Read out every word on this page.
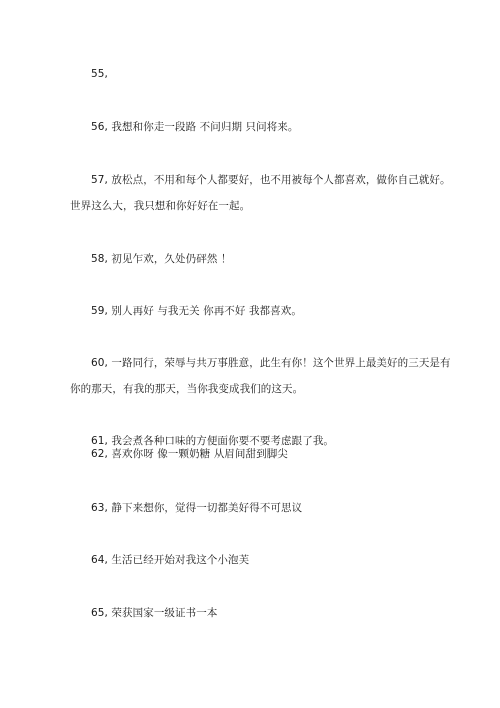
55,
56, 我想和你走一段路 不问归期 只问将来。
57, 放松点，不用和每个人都要好，也不用被每个人都喜欢，做你自己就好。
世界这么大，我只想和你好好在一起。
58, 初见乍欢，久处仍砰然 ！
59, 别人再好 与我无关 你再不好 我都喜欢。
60, 一路同行，荣辱与共万事胜意，此生有你！这个世界上最美好的三天是有
你的那天，有我的那天，当你我变成我们的这天。
61, 我会煮各种口味的方便面你要不要考虑跟了我。
62, 喜欢你呀 像一颗奶糖 从眉间甜到脚尖
63, 静下来想你，觉得一切都美好得不可思议
64, 生活已经开始对我这个小泡芙
65, 荣获国家一级证书一本
